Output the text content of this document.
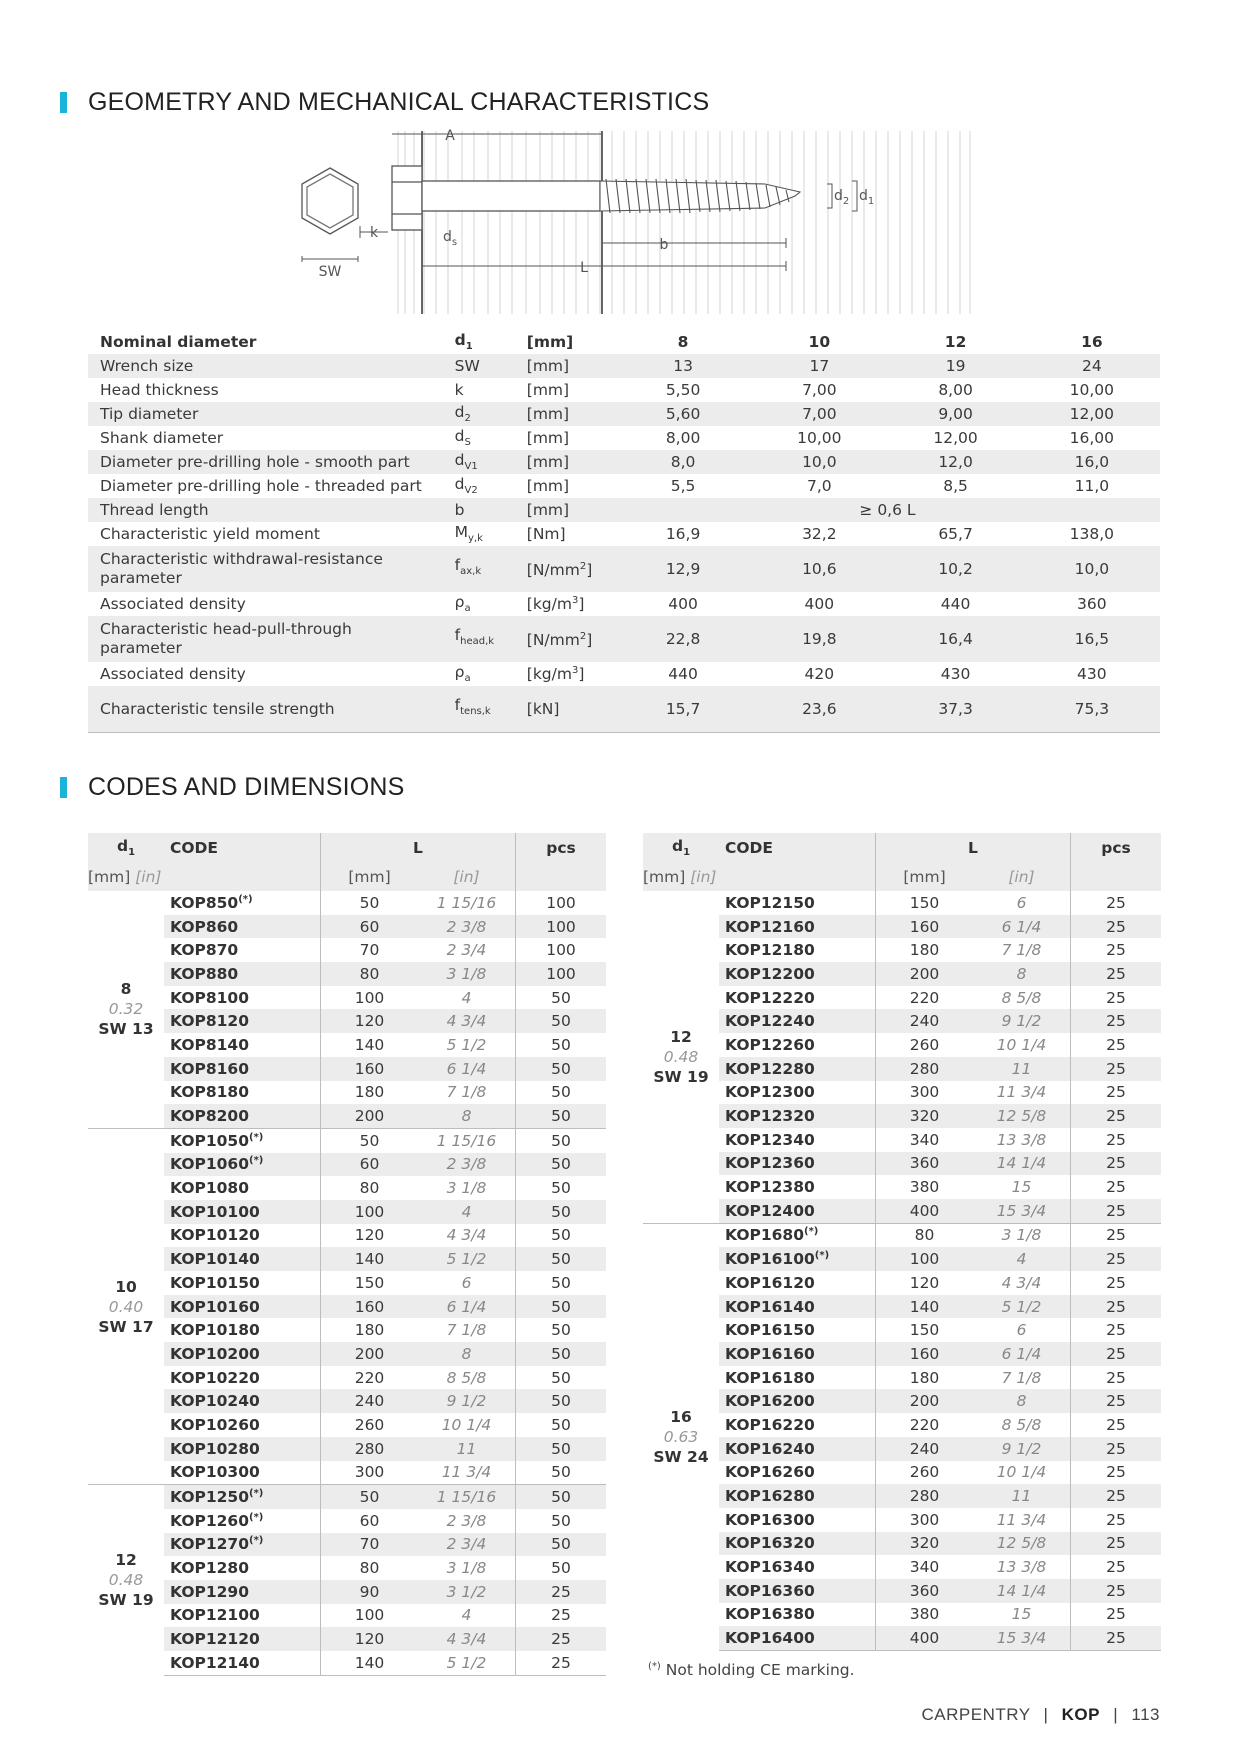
GEOMETRY AND MECHANICAL CHARACTERISTICS
SW
A
k	$d_s$	b
L
$d_2$ $d_1$
Nominal diameter	$d_1$	[mm]	8	10	12	16
Wrench size	SW	[mm]	13	17	19	24
Head thickness	k	[mm]	5,50	7,00	8,00	10,00
Tip diameter	$d_2$	[mm]	5,60	7,00	9,00	12,00
Shank diameter	$d_S$	[mm]	8,00	10,00	12,00	16,00
Diameter pre-drilling hole - smooth part	$d_{V1}$	[mm]	8,0	10,0	12,0	16,0
Diameter pre-drilling hole - threaded part	$d_{V2}$	[mm]	5,5	7,0	8,5	11,0
Thread length	b	[mm]	≥ 0,6 L			
Characteristic yield moment	$M_{y,k}$	[Nm]	16,9	32,2	65,7	138,0
Characteristic withdrawal-resistance parameter	$f_{ax,k}$	$[N/mm^2]$	12,9	10,6	10,2	10,0
Associated density	$\rho_a$	$[kg/m^3]$	400	400	440	360
Characteristic head-pull-through parameter	$f_{head,k}$	$[N/mm^2]$	22,8	19,8	16,4	16,5
Associated density	$\rho_a$	$[kg/m^3]$	440	420	430	430
Characteristic tensile strength	$f_{tens,k}$	[kN]	15,7	23,6	37,3	75,3
CODES AND DIMENSIONS
$d_1$	CODE	L		pcs
[mm] [in]		[mm]	[in]	

8
0.32
SW 13	KOP850(*)	50	1 15/16	100
	KOP860	60	2 3/8	100
	KOP870	70	2 3/4	100
	KOP880	80	3 1/8	100
	KOP8100	100	4	50
	KOP8120	120	4 3/4	50
	KOP8140	140	5 1/2	50
	KOP8160	160	6 1/4	50
	KOP8180	180	7 1/8	50
	KOP8200	200	8	50

10
0.40
SW 17	KOP1050(*)	50	1 15/16	50
	KOP1060(*)	60	2 3/8	50
	KOP1080	80	3 1/8	50
	KOP10100	100	4	50
	KOP10120	120	4 3/4	50
	KOP10140	140	5 1/2	50
	KOP10150	150	6	50
	KOP10160	160	6 1/4	50
	KOP10180	180	7 1/8	50
	KOP10200	200	8	50
	KOP10220	220	8 5/8	50
	KOP10240	240	9 1/2	50
	KOP10260	260	10 1/4	50
	KOP10280	280	11	50
	KOP10300	300	11 3/4	50

12
0.48
SW 19	KOP1250(*)	50	1 15/16	50
	KOP1260(*)	60	2 3/8	50
	KOP1270(*)	70	2 3/4	50
	KOP1280	80	3 1/8	50
	KOP1290	90	3 1/2	25
	KOP12100	100	4	25
	KOP12120	120	4 3/4	25
	KOP12140	140	5 1/2	25
$d_1$	CODE	L		pcs
[mm] [in]		[mm]	[in]	

12
0.48
SW 19	KOP12150	150	6	25
	KOP12160	160	6 1/4	25
	KOP12180	180	7 1/8	25
	KOP12200	200	8	25
	KOP12220	220	8 5/8	25
	KOP12240	240	9 1/2	25
	KOP12260	260	10 1/4	25
	KOP12280	280	11	25
	KOP12300	300	11 3/4	25
	KOP12320	320	12 5/8	25
	KOP12340	340	13 3/8	25
	KOP12360	360	14 1/4	25
	KOP12380	380	15	25
	KOP12400	400	15 3/4	25

16
0.63
SW 24	KOP1680(*)	80	3 1/8	25
	KOP16100(*)	100	4	25
	KOP16120	120	4 3/4	25
	KOP16140	140	5 1/2	25
	KOP16150	150	6	25
	KOP16160	160	6 1/4	25
	KOP16180	180	7 1/8	25
	KOP16200	200	8	25
	KOP16220	220	8 5/8	25
	KOP16240	240	9 1/2	25
	KOP16260	260	10 1/4	25
	KOP16280	280	11	25
	KOP16300	300	11 3/4	25
	KOP16320	320	12 5/8	25
	KOP16340	340	13 3/8	25
	KOP16360	360	14 1/4	25
	KOP16380	380	15	25
	KOP16400	400	15 3/4	25
(*) Not holding CE marking.
CARPENTRY | KOP | 113
